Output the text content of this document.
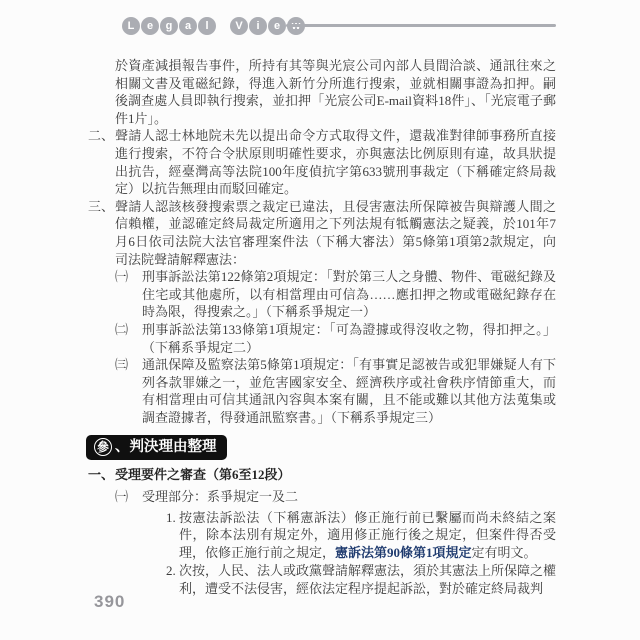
L	e	g	a	l	V	i	e
於資產減損報告事件，所持有其等與光宸公司內部人員間洽談、通訊往來之相關文書及電磁紀錄，得進入新竹分所進行搜索，並就相關事證為扣押。嗣後調查處人員即執行搜索，並扣押「光宸公司E-mail資料18件」、「光宸電子郵件1片」。
二、 聲請人認士林地院未先以提出命令方式取得文件，還裁准對律師事務所直接進行搜索，不符合令狀原則明確性要求，亦與憲法比例原則有違，故具狀提出抗告，經臺灣高等法院100年度偵抗字第633號刑事裁定（下稱確定終局裁定）以抗告無理由而駁回確定。
三、 聲請人認該核發搜索票之裁定已違法，且侵害憲法所保障被告與辯護人間之信賴權，並認確定終局裁定所適用之下列法規有牴觸憲法之疑義，於101年7月6日依司法院大法官審理案件法（下稱大審法）第5條第1項第2款規定，向司法院聲請解釋憲法：
㈠	刑事訴訟法第122條第2項規定：「對於第三人之身體、物件、電磁紀錄及住宅或其他處所，以有相當理由可信為……應扣押之物或電磁紀錄存在時為限，得搜索之。」（下稱系爭規定一）
㈡	刑事訴訟法第133條第1項規定：「可為證據或得沒收之物，得扣押之。」（下稱系爭規定二）
㈢	通訊保障及監察法第5條第1項規定：「有事實足認被告或犯罪嫌疑人有下列各款罪嫌之一，並危害國家安全、經濟秩序或社會秩序情節重大，而有相當理由可信其通訊內容與本案有關，且不能或難以其他方法蒐集或調查證據者，得發通訊監察書。」（下稱系爭規定三）
參 、判決理由整理
一、 受理要件之審查（第6至12段）
㈠	受理部分：系爭規定一及二
1. 按憲法訴訟法（下稱憲訴法）修正施行前已繫屬而尚未終結之案件，除本法別有規定外，適用修正施行後之規定，但案件得否受理，依修正施行前之規定，憲訴法第90條第1項規定定有明文。
2. 次按，人民、法人或政黨聲請解釋憲法，須於其憲法上所保障之權利，遭受不法侵害，經依法定程序提起訴訟，對於確定終局裁判
390
